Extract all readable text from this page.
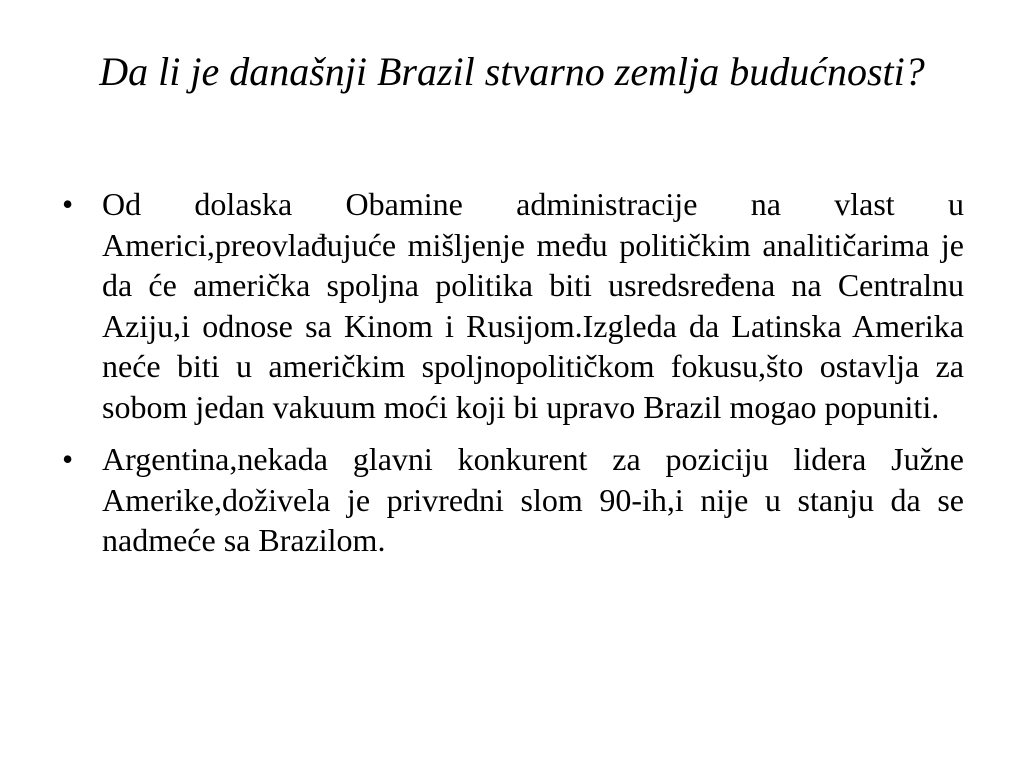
Da li je današnji Brazil stvarno zemlja budućnosti?
• Od dolaska Obamine administracije na vlast u Americi,preovlađujuće mišljenje među političkim analitičarima je da će američka spoljna politika biti usredsređena na Centralnu Aziju,i odnose sa Kinom i Rusijom.Izgleda da Latinska Amerika neće biti u američkim spoljnopolitičkom fokusu,što ostavlja za sobom jedan vakuum moći koji bi upravo Brazil mogao popuniti.
• Argentina,nekada glavni konkurent za poziciju lidera Južne Amerike,doživela je privredni slom 90-ih,i nije u stanju da se nadmeće sa Brazilom.
